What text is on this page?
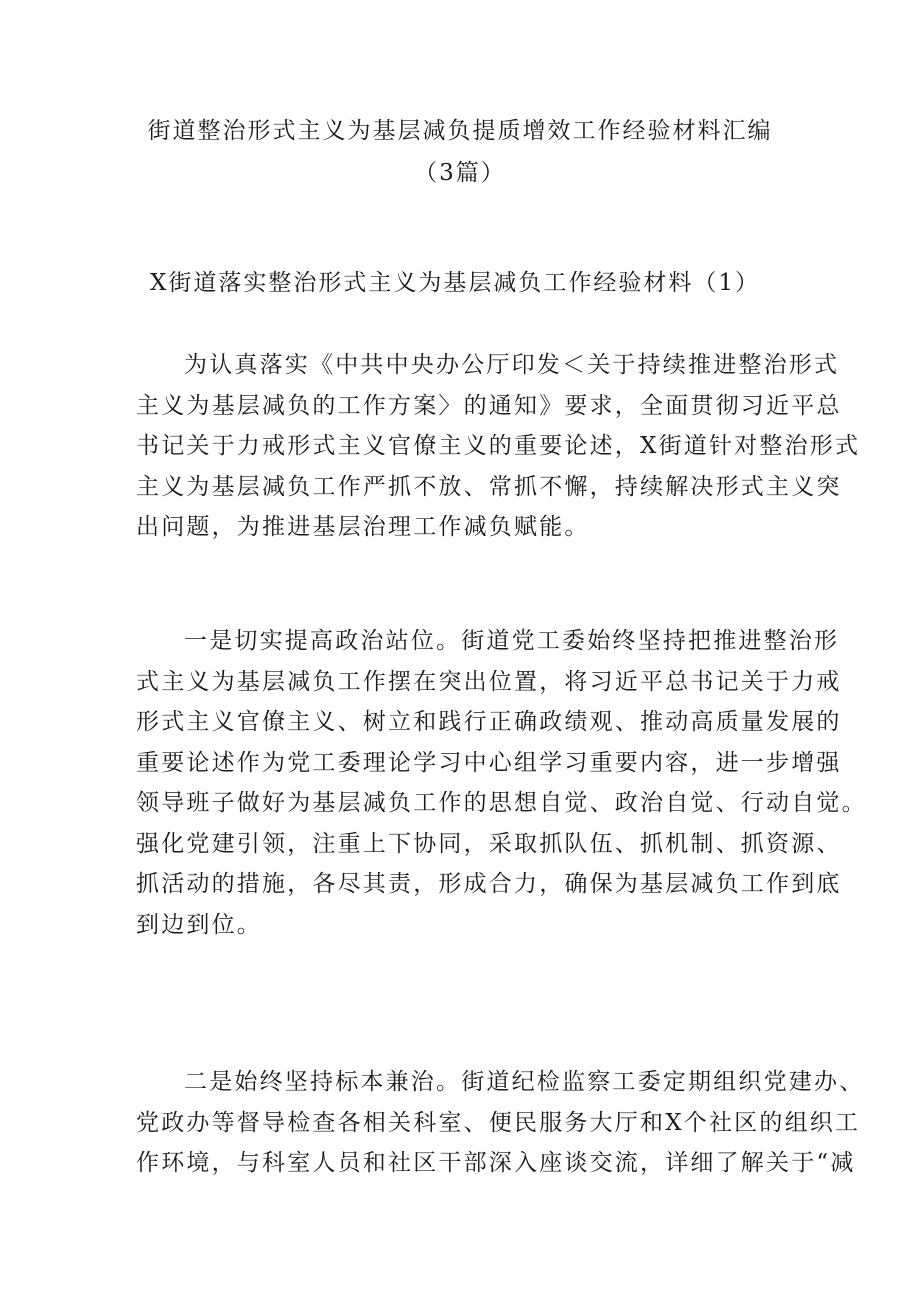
街道整治形式主义为基层减负提质增效工作经验材料汇编
（3篇）
X街道落实整治形式主义为基层减负工作经验材料（1）
为认真落实《中共中央办公厅印发＜关于持续推进整治形式
主义为基层减负的工作方案〉的通知》要求，全面贯彻习近平总
书记关于力戒形式主义官僚主义的重要论述，X街道针对整治形式
主义为基层减负工作严抓不放、常抓不懈，持续解决形式主义突
出问题，为推进基层治理工作减负赋能。
一是切实提高政治站位。街道党工委始终坚持把推进整治形
式主义为基层减负工作摆在突出位置，将习近平总书记关于力戒
形式主义官僚主义、树立和践行正确政绩观、推动高质量发展的
重要论述作为党工委理论学习中心组学习重要内容，进一步增强
领导班子做好为基层减负工作的思想自觉、政治自觉、行动自觉。
强化党建引领，注重上下协同，采取抓队伍、抓机制、抓资源、
抓活动的措施，各尽其责，形成合力，确保为基层减负工作到底
到边到位。
二是始终坚持标本兼治。街道纪检监察工委定期组织党建办、
党政办等督导检查各相关科室、便民服务大厅和X个社区的组织工
作环境，与科室人员和社区干部深入座谈交流，详细了解关于“减
